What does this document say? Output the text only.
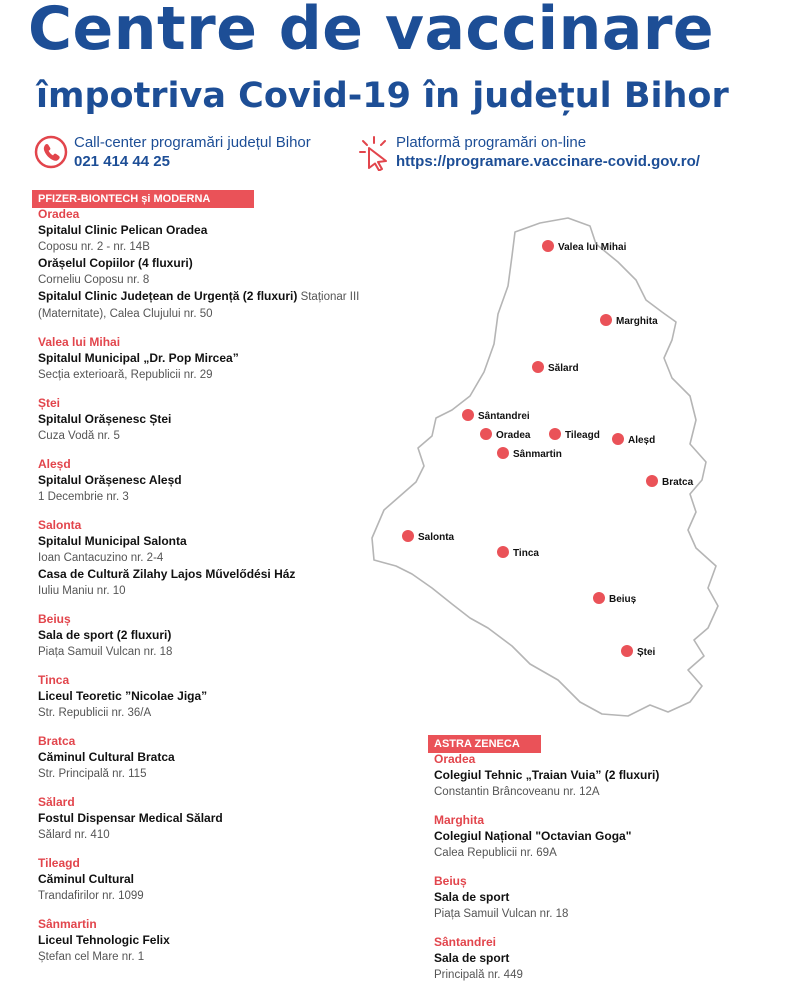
Centre de vaccinare
împotriva Covid-19 în județul Bihor
Call-center programări județul Bihor
021 414 44 25
Platformă programări on-line
https://programare.vaccinare-covid.gov.ro/
PFIZER-BIONTECH și MODERNA
Oradea
Spitalul Clinic Pelican Oradea
Coposu nr. 2 - nr. 14B
Orășelul Copiilor (4 fluxuri)
Corneliu Coposu nr. 8
Spitalul Clinic Județean de Urgență (2 fluxuri) Staționar III
(Maternitate), Calea Clujului nr. 50
Valea lui Mihai
Spitalul Municipal „Dr. Pop Mircea”
Secția exterioară, Republicii nr. 29
Ștei
Spitalul Orășenesc Ștei
Cuza Vodă nr. 5
Aleșd
Spitalul Orășenesc Aleșd
1 Decembrie nr. 3
Salonta
Spitalul Municipal Salonta
Ioan Cantacuzino nr. 2-4
Casa de Cultură Zilahy Lajos Művelődési Ház
Iuliu Maniu nr. 10
Beiuș
Sala de sport (2 fluxuri)
Piața Samuil Vulcan nr. 18
Tinca
Liceul Teoretic ”Nicolae Jiga”
Str. Republicii nr. 36/A
Bratca
Căminul Cultural Bratca
Str. Principală nr. 115
Sălard
Fostul Dispensar Medical Sălard
Sălard nr. 410
Tileagd
Căminul Cultural
Trandafirilor nr. 1099
Sânmartin
Liceul Tehnologic Felix
Ștefan cel Mare nr. 1
ASTRA ZENECA
Oradea
Colegiul Tehnic „Traian Vuia” (2 fluxuri)
Constantin Brâncoveanu nr. 12A
Marghita
Colegiul Național "Octavian Goga"
Calea Republicii nr. 69A
Beiuș
Sala de sport
Piața Samuil Vulcan nr. 18
Sântandrei
Sala de sport
Principală nr. 449
Valea lui Mihai
Marghita
Sălard
Sântandrei
Oradea	Tileagd	Aleșd
Sânmartin
Bratca
Salonta
Tinca
Beiuș
Ștei
